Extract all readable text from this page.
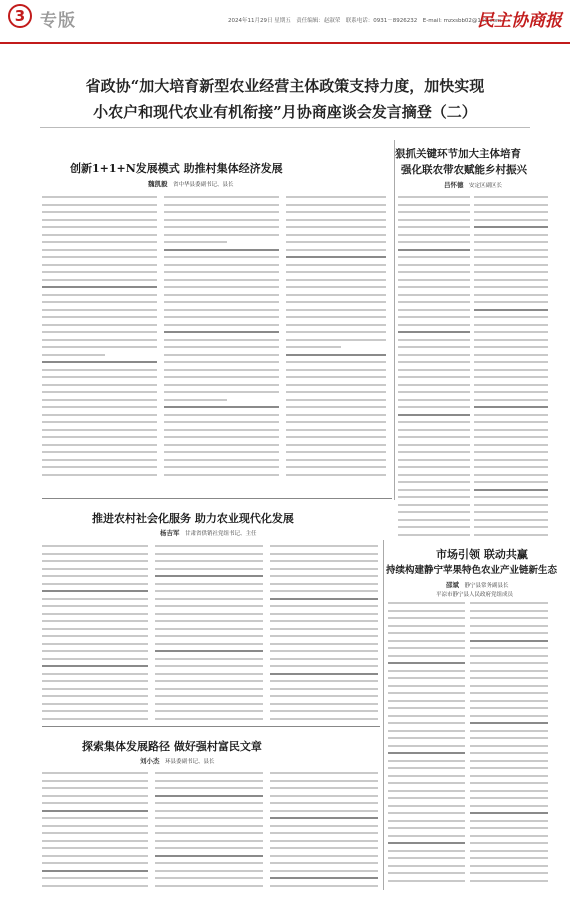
3 专版	2024年11月29日 星期五　责任编辑：赵淑荣　联系电话：0931－8926232　E-mail: mzxsbb02@163.com
民主协商报
省政协“加大培育新型农业经营主体政策支持力度，加快实现
小农户和现代农业有机衔接”月协商座谈会发言摘登（二）
创新1+1+N发展模式 助推村集体经济发展
魏凯毅　 省中华县委副书记、县长
狠抓关键环节加大主体培育
强化联农带农赋能乡村振兴
吕怀德　 安定区副区长
推进农村社会化服务 助力农业现代化发展
杨吉军　 甘肃省供销社党组书记、主任
市场引领 联动共赢
持续构建静宁苹果特色农业产业链新生态
邵斌　 静宁县常务副县长
平凉市静宁县人民政府党组成员
探索集体发展路径 做好强村富民文章
刘小杰　 环县委副书记、县长
